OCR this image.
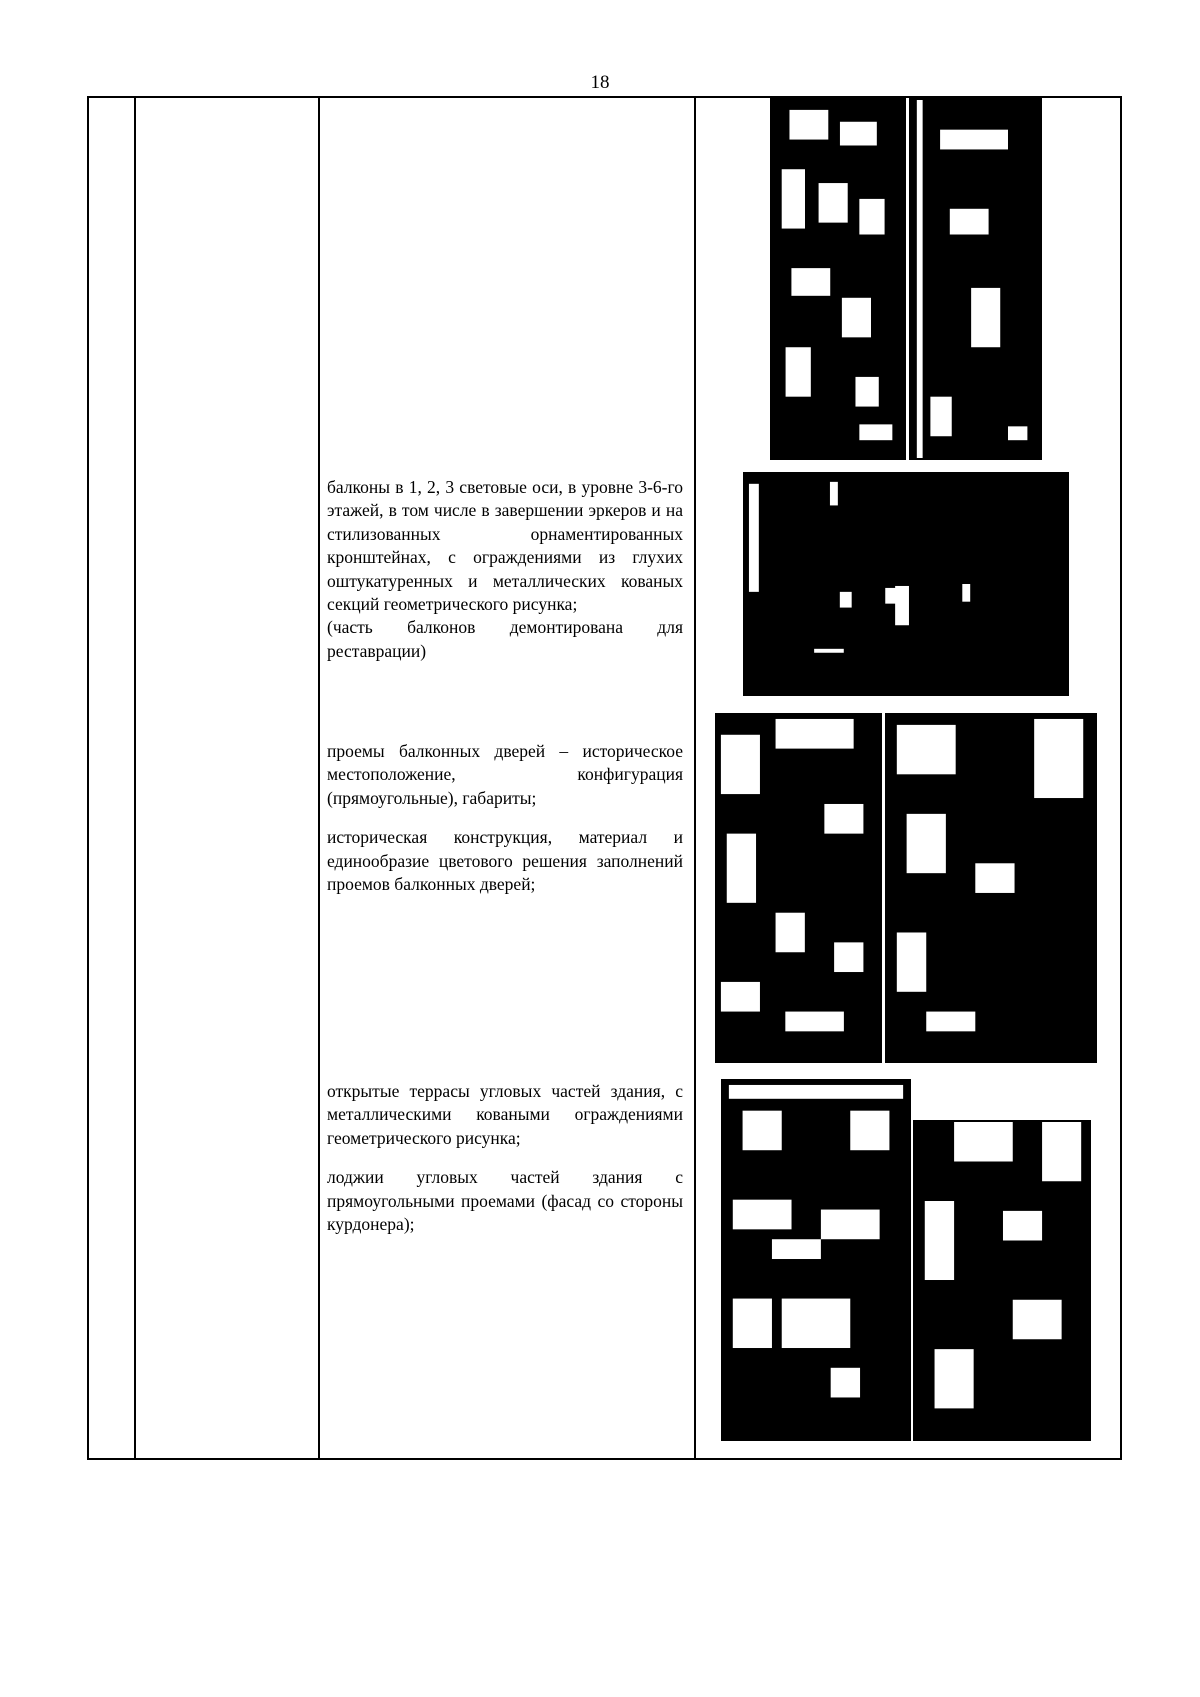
18

балконы в 1, 2, 3 световые оси, в уровне 3-6-го этажей, в том числе в завершении эркеров и на стилизованных орнаментированных кронштейнах, с ограждениями из глухих оштукатуренных и металлических кованых секций геометрического рисунка;

(часть балконов демонтирована для реставрации)

проемы балконных дверей – историческое местоположение, конфигурация (прямоугольные), габариты;

историческая конструкция, материал и единообразие цветового решения заполнений проемов балконных дверей;

открытые террасы угловых частей здания, с металлическими коваными ограждениями геометрического рисунка;

лоджии угловых частей здания с прямоугольными проемами (фасад со стороны курдонера);
